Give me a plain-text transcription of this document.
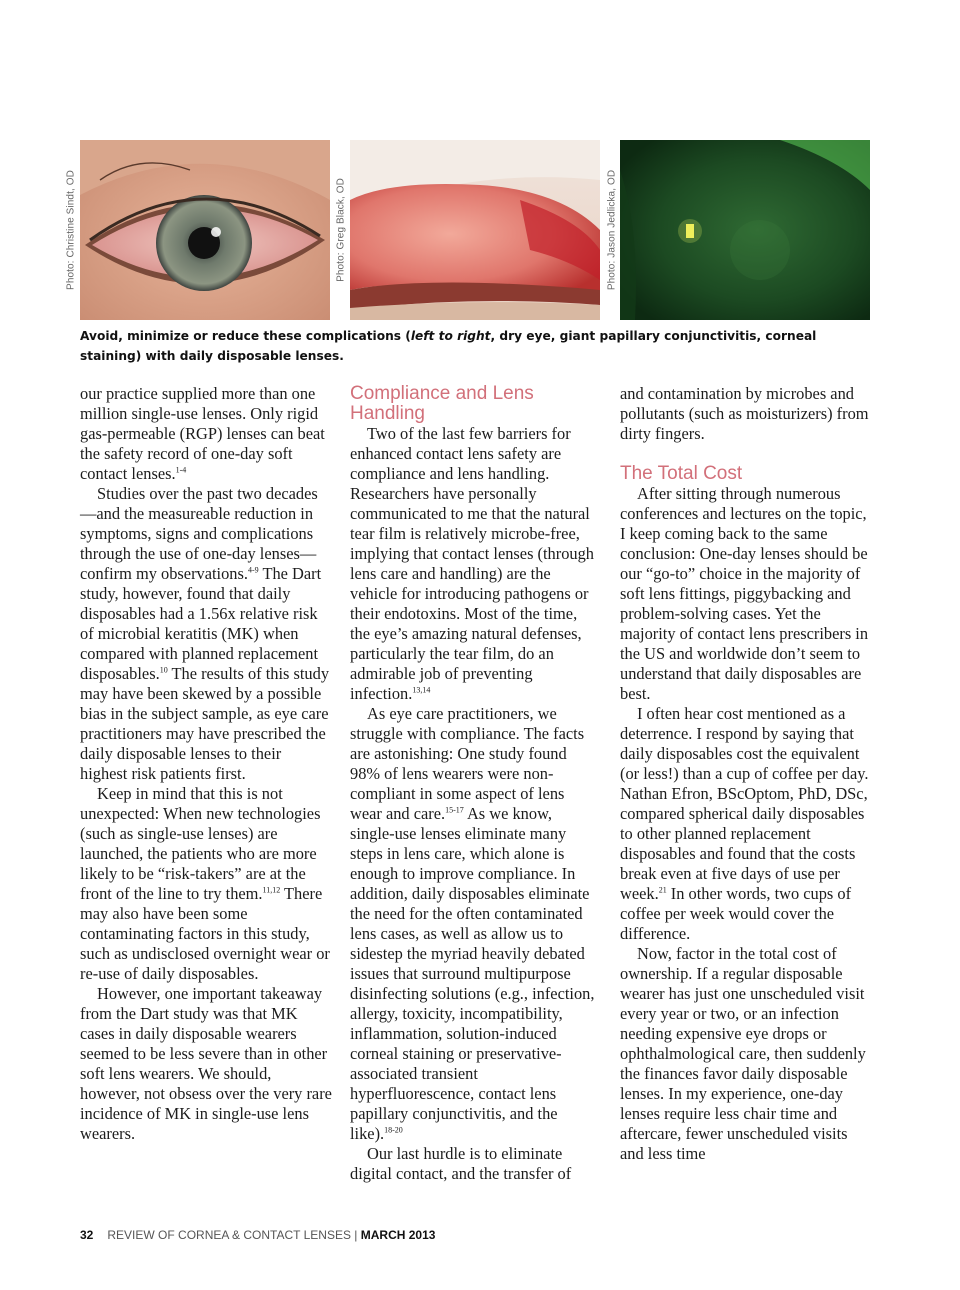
Photo: Christine Sindt, OD	Photo: Greg Black, OD	Photo: Jason Jedlicka, OD

Avoid, minimize or reduce these complications (left to right, dry eye, giant papillary conjunctivitis, corneal staining) with daily disposable lenses.

our practice supplied more than one million single-use lenses. Only rigid gas-permeable (RGP) lenses can beat the safety record of one-day soft contact lenses.$^{1-4}$

Studies over the past two decades—and the measureable reduction in symptoms, signs and complications through the use of one-day lenses—confirm my observations.$^{4-9}$ The Dart study, however, found that daily disposables had a 1.56x relative risk of microbial keratitis (MK) when compared with planned replacement disposables.$^{10}$ The results of this study may have been skewed by a possible bias in the subject sample, as eye care practitioners may have prescribed the daily disposable lenses to their highest risk patients first.

Keep in mind that this is not unexpected: When new technologies (such as single-use lenses) are launched, the patients who are more likely to be “risk-takers” are at the front of the line to try them.$^{11,12}$ There may also have been some contaminating factors in this study, such as undisclosed overnight wear or re-use of daily disposables.

However, one important takeaway from the Dart study was that MK cases in daily disposable wearers seemed to be less severe than in other soft lens wearers. We should, however, not obsess over the very rare incidence of MK in single-use lens wearers.

Compliance and Lens Handling

Two of the last few barriers for enhanced contact lens safety are compliance and lens handling. Researchers have personally communicated to me that the natural tear film is relatively microbe-free, implying that contact lenses (through lens care and handling) are the vehicle for introducing pathogens or their endotoxins. Most of the time, the eye’s amazing natural defenses, particularly the tear film, do an admirable job of preventing infection.$^{13,14}$

As eye care practitioners, we struggle with compliance. The facts are astonishing: One study found 98% of lens wearers were non-compliant in some aspect of lens wear and care.$^{15-17}$ As we know, single-use lenses eliminate many steps in lens care, which alone is enough to improve compliance. In addition, daily disposables eliminate the need for the often contaminated lens cases, as well as allow us to sidestep the myriad heavily debated issues that surround multipurpose disinfecting solutions (e.g., infection, allergy, toxicity, incompatibility, inflammation, solution-induced corneal staining or preservative-associated transient hyperfluorescence, contact lens papillary conjunctivitis, and the like).$^{18-20}$

Our last hurdle is to eliminate digital contact, and the transfer of

and contamination by microbes and pollutants (such as moisturizers) from dirty fingers.

The Total Cost

After sitting through numerous conferences and lectures on the topic, I keep coming back to the same conclusion: One-day lenses should be our “go-to” choice in the majority of soft lens fittings, piggybacking and problem-solving cases. Yet the majority of contact lens prescribers in the US and worldwide don’t seem to understand that daily disposables are best.

I often hear cost mentioned as a deterrence. I respond by saying that daily disposables cost the equivalent (or less!) than a cup of coffee per day. Nathan Efron, BScOptom, PhD, DSc, compared spherical daily disposables to other planned replacement disposables and found that the costs break even at five days of use per week.$^{21}$ In other words, two cups of coffee per week would cover the difference.

Now, factor in the total cost of ownership. If a regular disposable wearer has just one unscheduled visit every year or two, or an infection needing expensive eye drops or ophthalmological care, then suddenly the finances favor daily disposable lenses. In my experience, one-day lenses require less chair time and aftercare, fewer unscheduled visits and less time

32 REVIEW OF CORNEA & CONTACT LENSES | MARCH 2013
